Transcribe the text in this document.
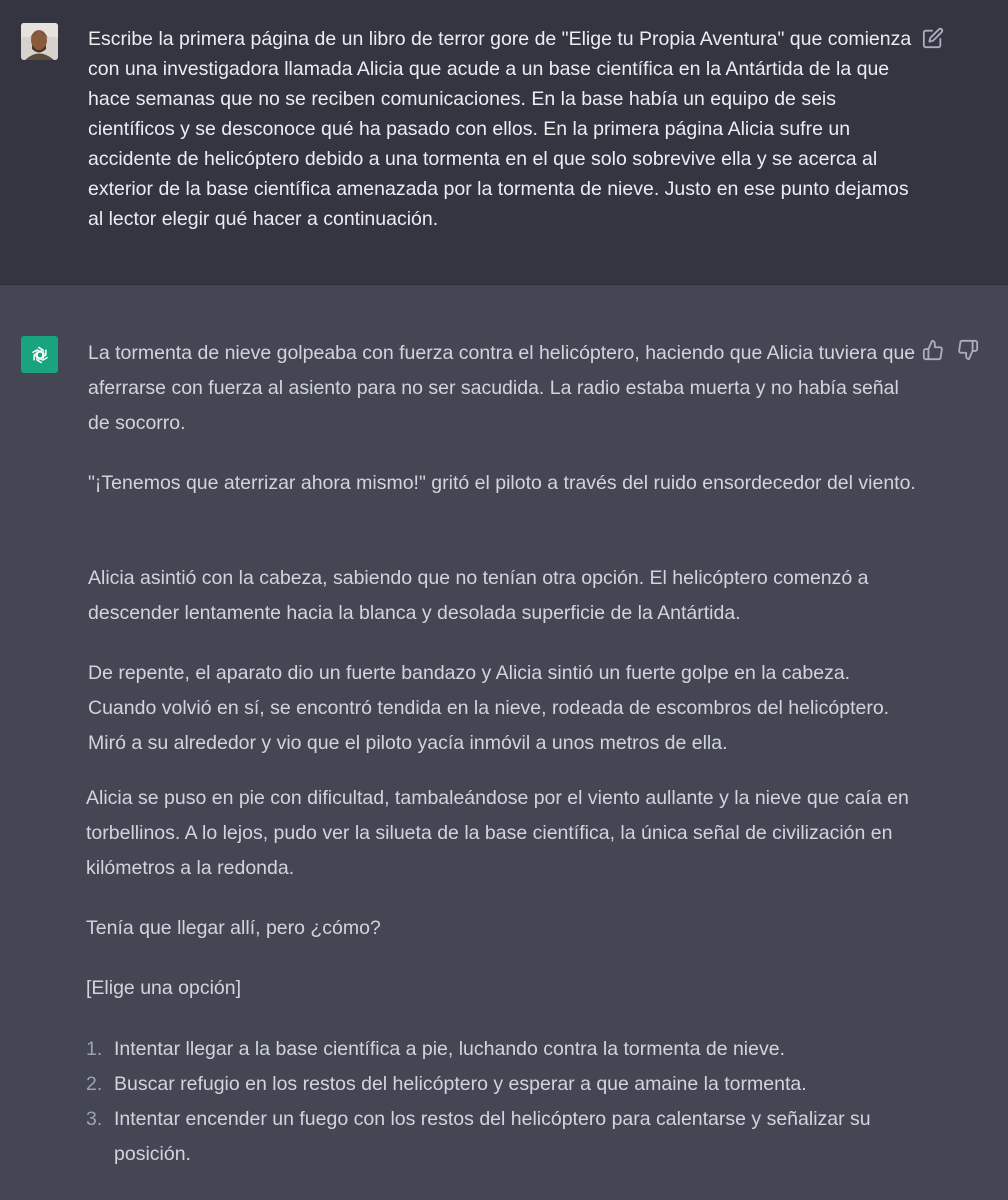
Escribe la primera página de un libro de terror gore de "Elige tu Propia Aventura" que comienza con una investigadora llamada Alicia que acude a un base científica en la Antártida de la que hace semanas que no se reciben comunicaciones. En la base había un equipo de seis científicos y se desconoce qué ha pasado con ellos. En la primera página Alicia sufre un accidente de helicóptero debido a una tormenta en el que solo sobrevive ella y se acerca al exterior de la base científica amenazada por la tormenta de nieve. Justo en ese punto dejamos al lector elegir qué hacer a continuación.

La tormenta de nieve golpeaba con fuerza contra el helicóptero, haciendo que Alicia tuviera que aferrarse con fuerza al asiento para no ser sacudida. La radio estaba muerta y no había señal de socorro.

"¡Tenemos que aterrizar ahora mismo!" gritó el piloto a través del ruido ensordecedor del viento.

Alicia asintió con la cabeza, sabiendo que no tenían otra opción. El helicóptero comenzó a descender lentamente hacia la blanca y desolada superficie de la Antártida.

De repente, el aparato dio un fuerte bandazo y Alicia sintió un fuerte golpe en la cabeza. Cuando volvió en sí, se encontró tendida en la nieve, rodeada de escombros del helicóptero. Miró a su alrededor y vio que el piloto yacía inmóvil a unos metros de ella.

Alicia se puso en pie con dificultad, tambaleándose por el viento aullante y la nieve que caía en torbellinos. A lo lejos, pudo ver la silueta de la base científica, la única señal de civilización en kilómetros a la redonda.

Tenía que llegar allí, pero ¿cómo?

[Elige una opción]

1. Intentar llegar a la base científica a pie, luchando contra la tormenta de nieve.
2. Buscar refugio en los restos del helicóptero y esperar a que amaine la tormenta.
3. Intentar encender un fuego con los restos del helicóptero para calentarse y señalizar su posición.
